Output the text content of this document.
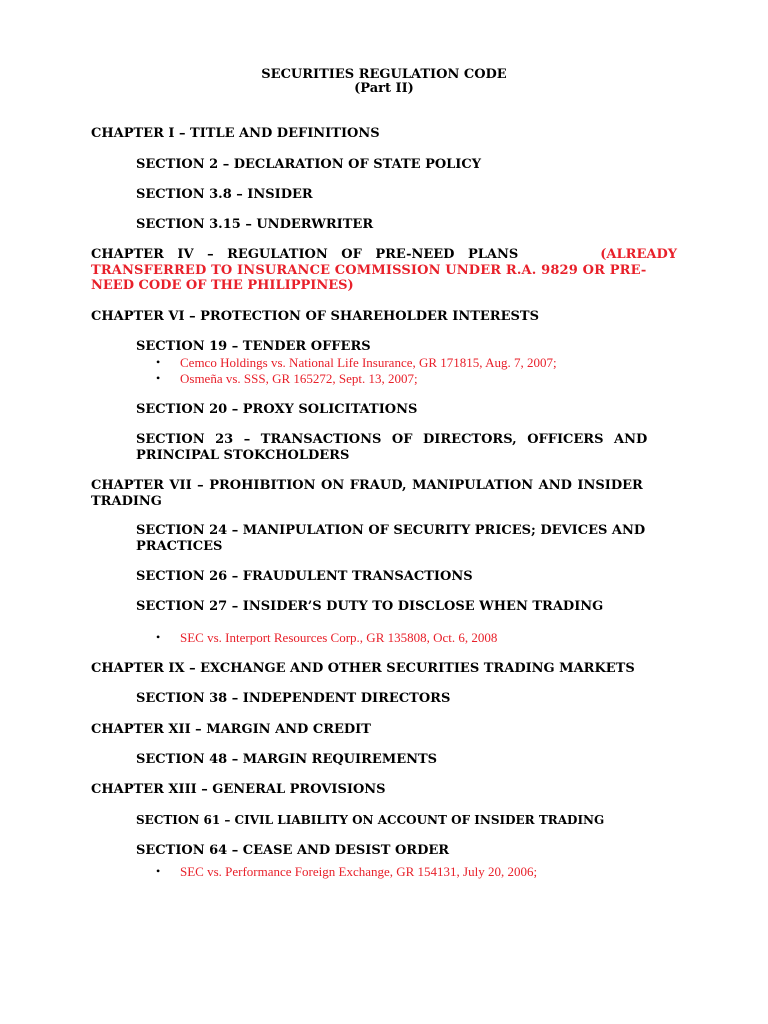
SECURITIES REGULATION CODE
(Part II)
CHAPTER I – TITLE AND DEFINITIONS
SECTION 2 – DECLARATION OF STATE POLICY
SECTION 3.8 – INSIDER
SECTION 3.15 – UNDERWRITER
CHAPTER IV – REGULATION OF PRE-NEED PLANS	(ALREADY
TRANSFERRED TO INSURANCE COMMISSION UNDER R.A. 9829 OR PRE-
NEED CODE OF THE PHILIPPINES)
CHAPTER VI – PROTECTION OF SHAREHOLDER INTERESTS
SECTION 19 – TENDER OFFERS
• Cemco Holdings vs. National Life Insurance, GR 171815, Aug. 7, 2007;
• Osmeña vs. SSS, GR 165272, Sept. 13, 2007;
SECTION 20 – PROXY SOLICITATIONS
SECTION 23 – TRANSACTIONS OF DIRECTORS, OFFICERS AND
PRINCIPAL STOKCHOLDERS
CHAPTER VII – PROHIBITION ON FRAUD, MANIPULATION AND INSIDER
TRADING
SECTION 24 – MANIPULATION OF SECURITY PRICES; DEVICES AND
PRACTICES
SECTION 26 – FRAUDULENT TRANSACTIONS
SECTION 27 – INSIDER’S DUTY TO DISCLOSE WHEN TRADING
• SEC vs. Interport Resources Corp., GR 135808, Oct. 6, 2008
CHAPTER IX – EXCHANGE AND OTHER SECURITIES TRADING MARKETS
SECTION 38 – INDEPENDENT DIRECTORS
CHAPTER XII – MARGIN AND CREDIT
SECTION 48 – MARGIN REQUIREMENTS
CHAPTER XIII – GENERAL PROVISIONS
SECTION 61 – CIVIL LIABILITY ON ACCOUNT OF INSIDER TRADING
SECTION 64 – CEASE AND DESIST ORDER
• SEC vs. Performance Foreign Exchange, GR 154131, July 20, 2006;
